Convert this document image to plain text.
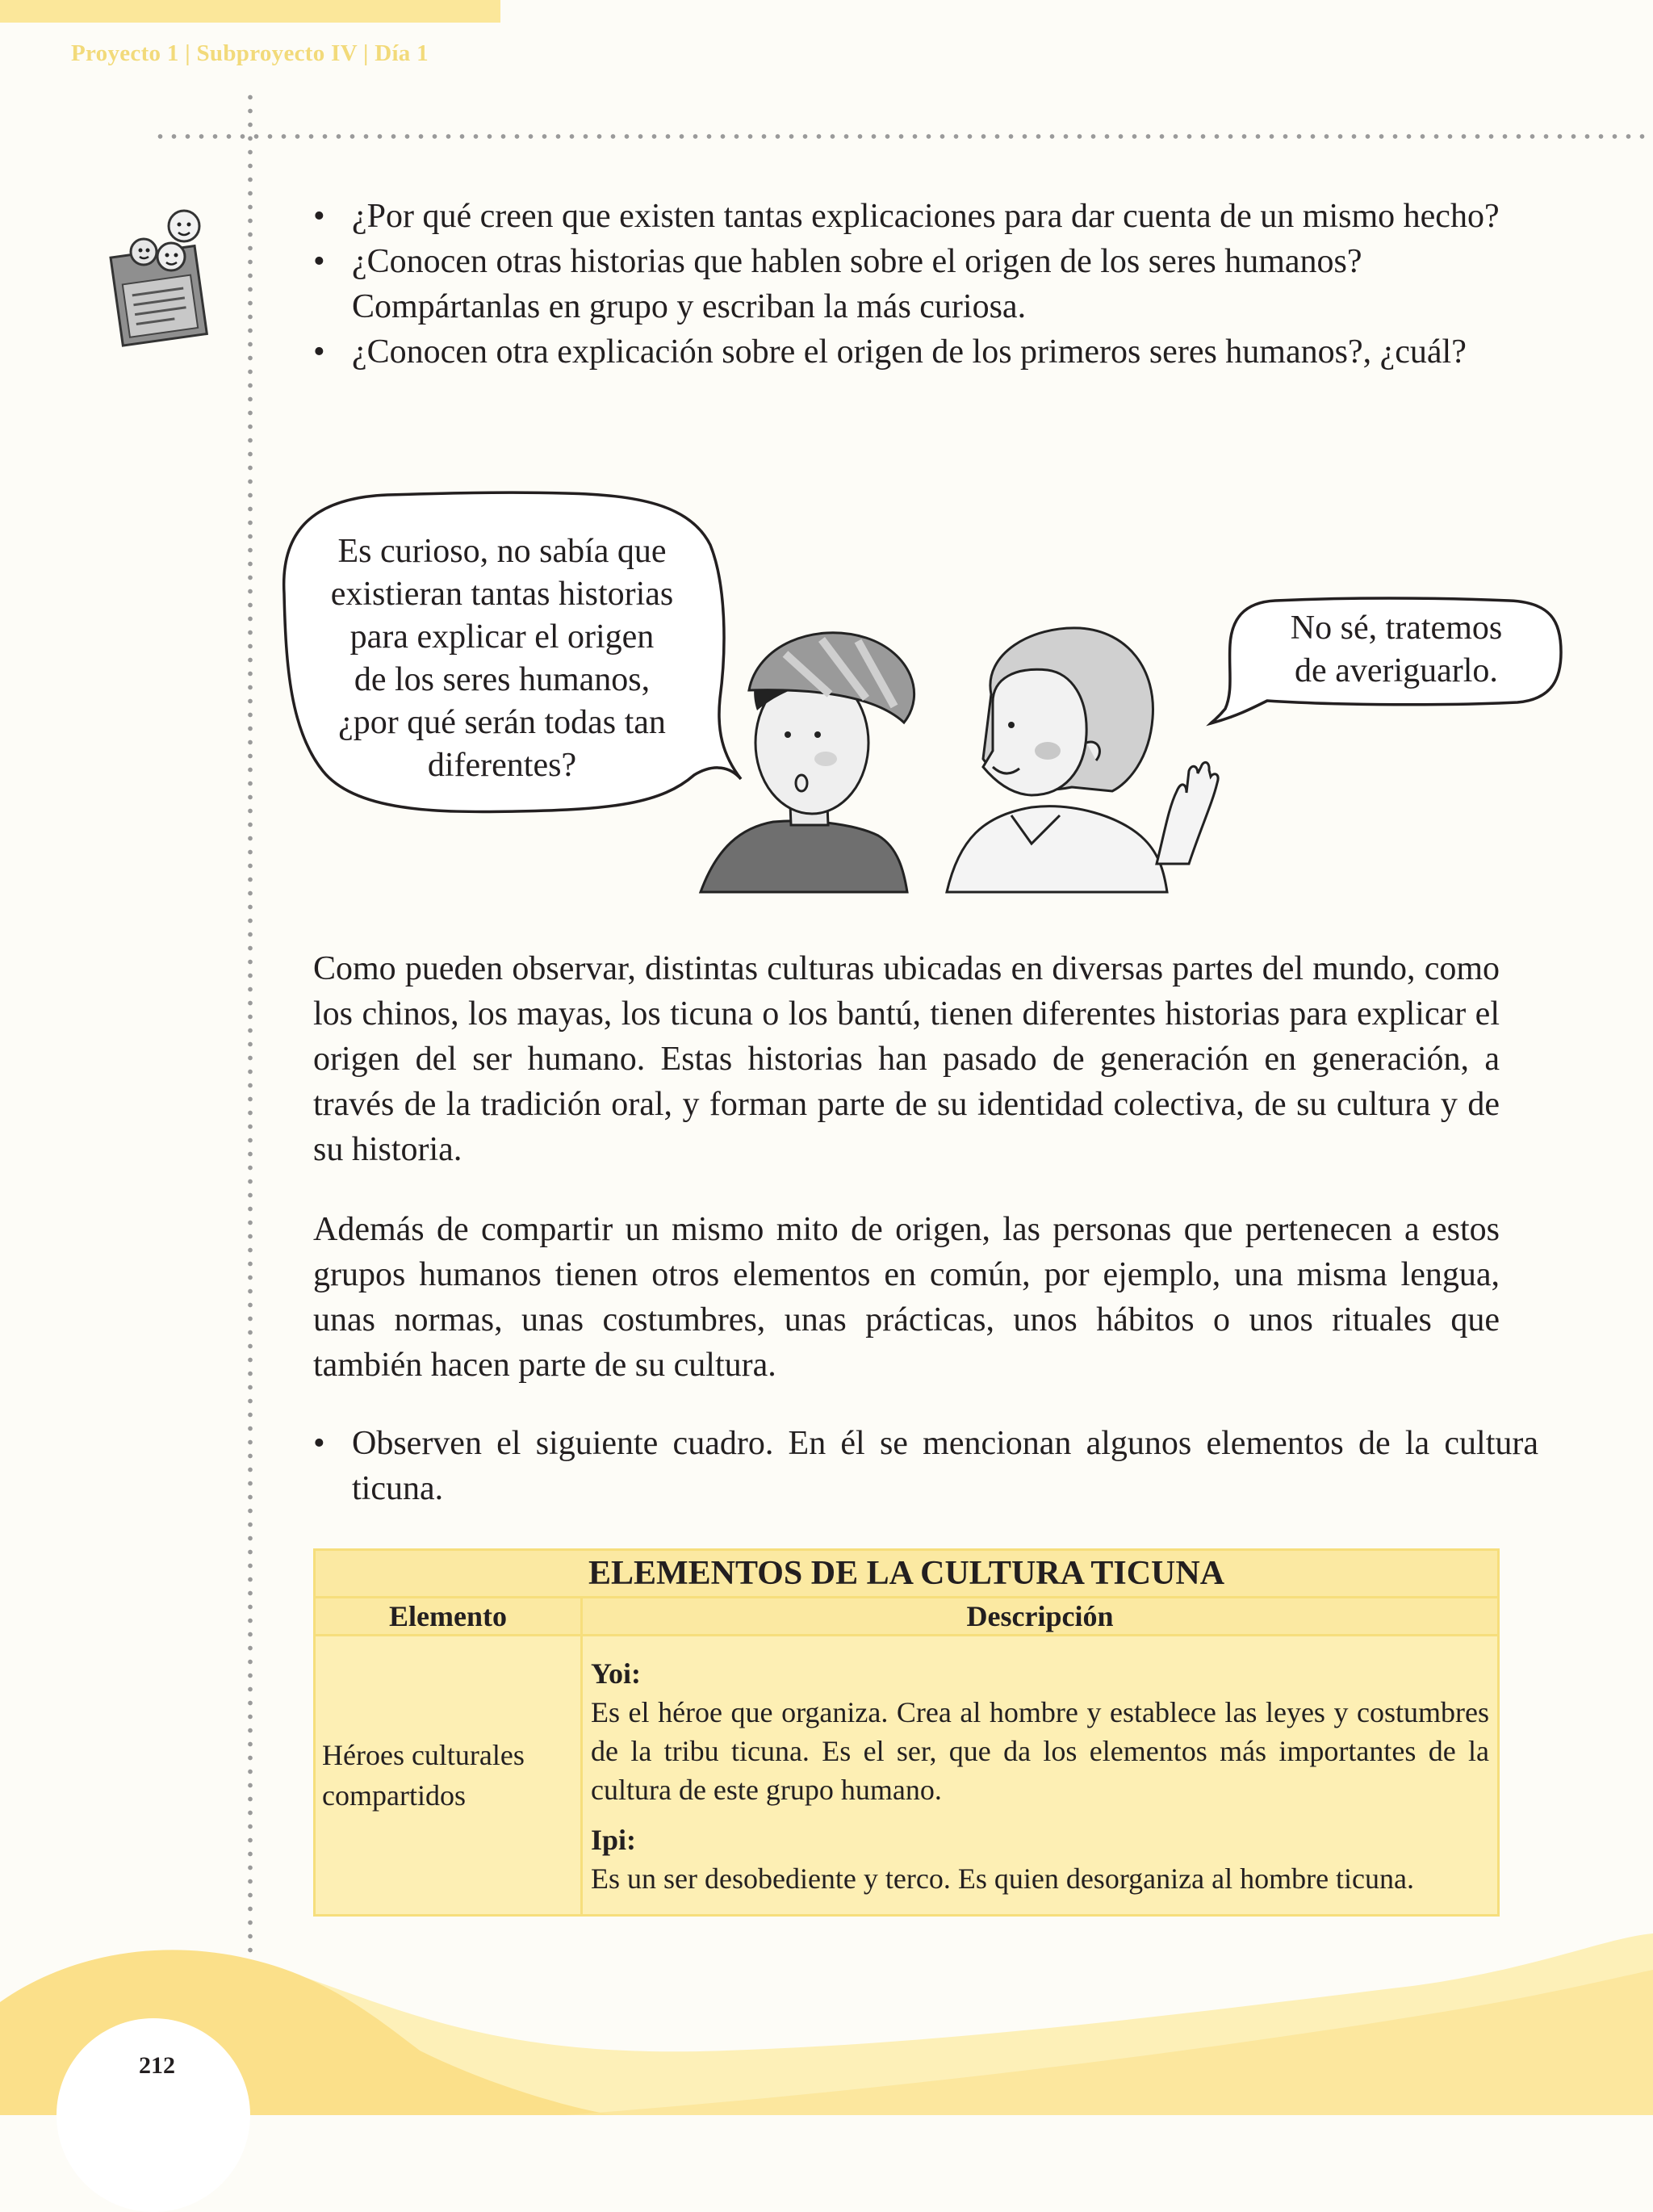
Proyecto 1 | Subproyecto IV | Día 1
• ¿Por qué creen que existen tantas explicaciones para dar cuenta de un mismo hecho?
• ¿Conocen otras historias que hablen sobre el origen de los seres humanos? Compártanlas en grupo y escriban la más curiosa.
• ¿Conocen otra explicación sobre el origen de los primeros seres humanos?, ¿cuál?
Es curioso, no sabía que
existieran tantas historias
para explicar el origen
de los seres humanos,
¿por qué serán todas tan
diferentes?
No sé, tratemos
de averiguarlo.
Como pueden observar, distintas culturas ubicadas en diversas partes del mundo, como los chinos, los mayas, los ticuna o los bantú, tienen diferentes historias para explicar el origen del ser humano. Estas historias han pasado de generación en generación, a través de la tradición oral, y forman parte de su identidad colectiva, de su cultura y de su historia.
Además de compartir un mismo mito de origen, las personas que pertenecen a estos grupos humanos tienen otros elementos en común, por ejemplo, una misma lengua, unas normas, unas costumbres, unas prácticas, unos hábitos o unos rituales que también hacen parte de su cultura.
• Observen el siguiente cuadro. En él se mencionan algunos elementos de la cultura ticuna.
ELEMENTOS DE LA CULTURA TICUNA	
Elemento	Descripción
Héroes culturales compartidos	Yoi:
Es el héroe que organiza. Crea al hombre y establece las leyes y costumbres de la tribu ticuna. Es el ser, que da los elementos más importantes de la cultura de este grupo humano.
Ipi:
Es un ser desobediente y terco. Es quien desorganiza al hombre ticuna.
212
